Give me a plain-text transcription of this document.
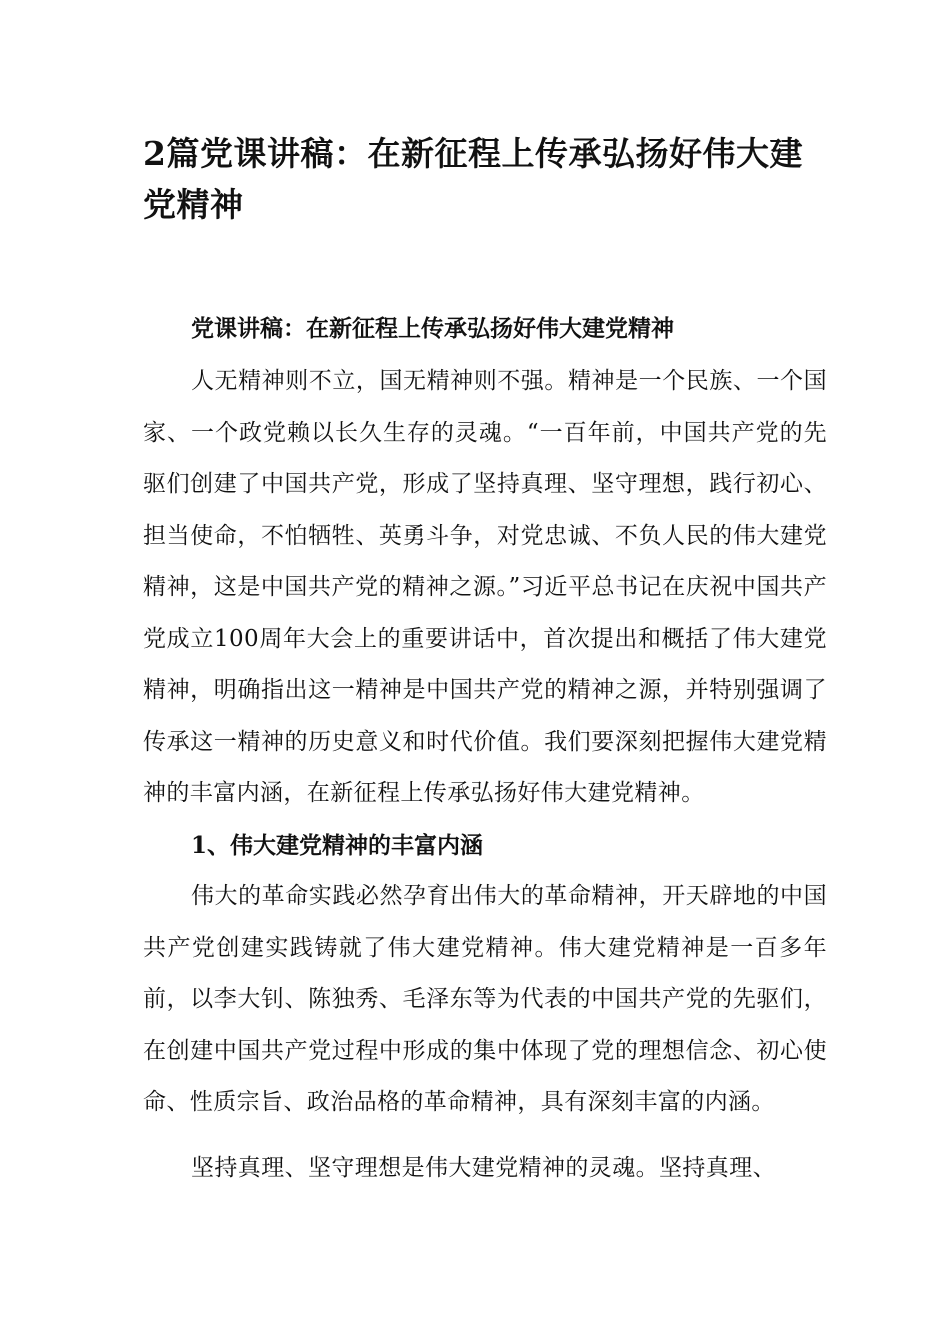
2篇党课讲稿：在新征程上传承弘扬好伟大建党精神

党课讲稿：在新征程上传承弘扬好伟大建党精神

人无精神则不立，国无精神则不强。精神是一个民族、一个国家、一个政党赖以长久生存的灵魂。“一百年前，中国共产党的先驱们创建了中国共产党，形成了坚持真理、坚守理想，践行初心、担当使命，不怕牺牲、英勇斗争，对党忠诚、不负人民的伟大建党精神，这是中国共产党的精神之源。”习近平总书记在庆祝中国共产党成立100周年大会上的重要讲话中，首次提出和概括了伟大建党精神，明确指出这一精神是中国共产党的精神之源，并特别强调了传承这一精神的历史意义和时代价值。我们要深刻把握伟大建党精神的丰富内涵，在新征程上传承弘扬好伟大建党精神。

1、伟大建党精神的丰富内涵

伟大的革命实践必然孕育出伟大的革命精神，开天辟地的中国共产党创建实践铸就了伟大建党精神。伟大建党精神是一百多年前，以李大钊、陈独秀、毛泽东等为代表的中国共产党的先驱们，在创建中国共产党过程中形成的集中体现了党的理想信念、初心使命、性质宗旨、政治品格的革命精神，具有深刻丰富的内涵。

坚持真理、坚守理想是伟大建党精神的灵魂。坚持真理、
